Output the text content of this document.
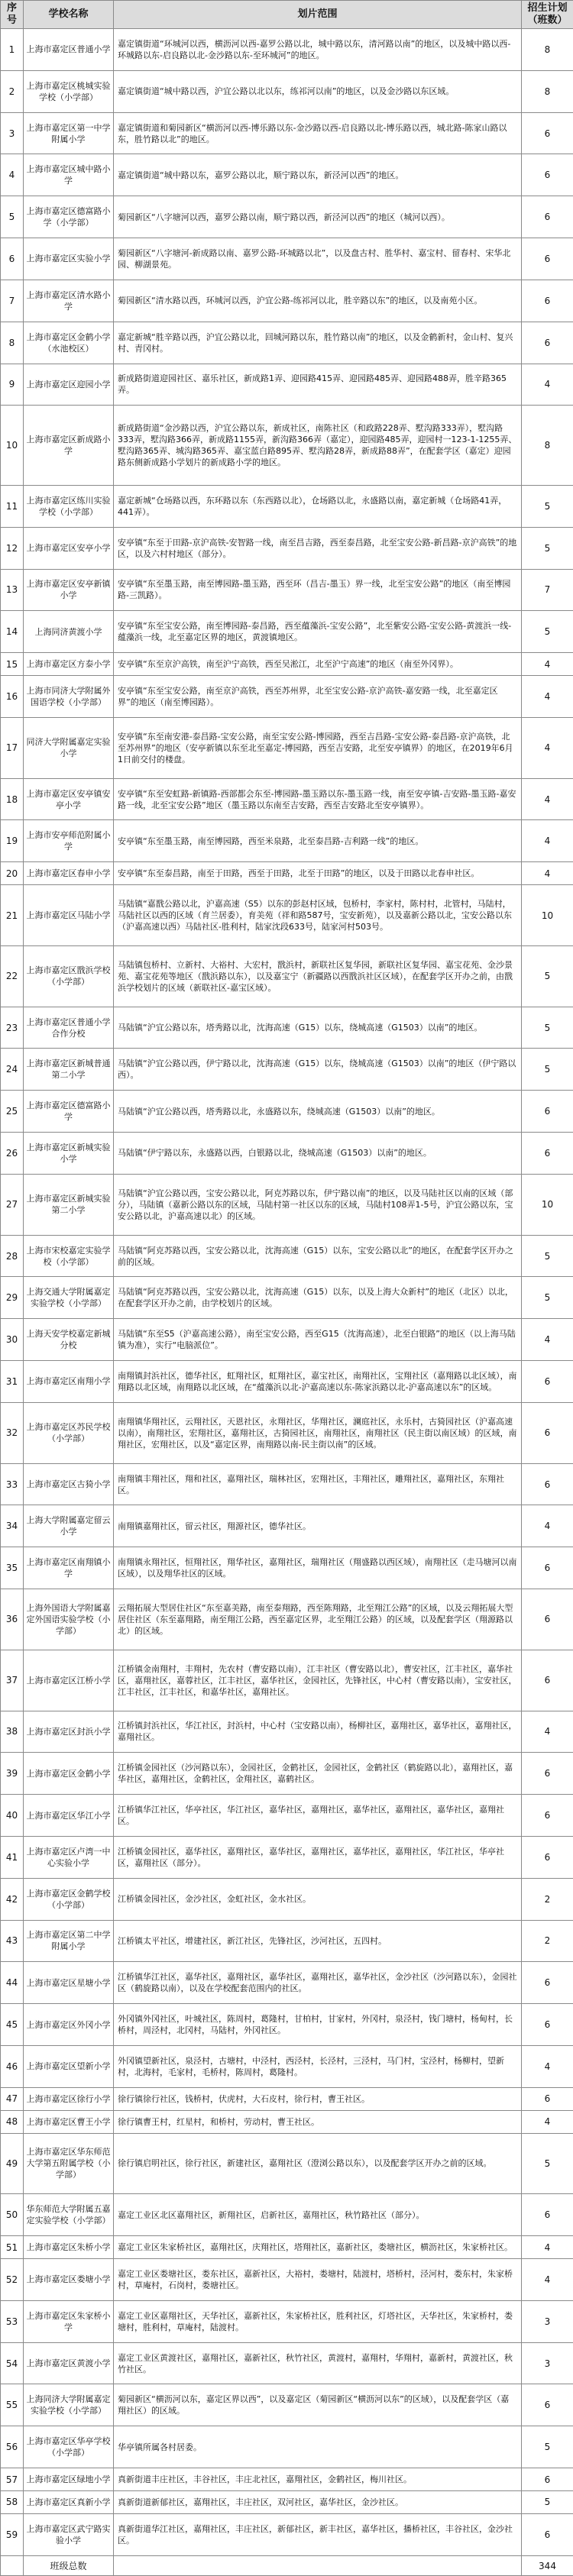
序号	学校名称	划片范围	招生计划（班数）
1	上海市嘉定区普通小学	嘉定镇街道“环城河以西，横沥河以西-嘉罗公路以北，城中路以东，清河路以南”的地区，以及城中路以西-环城路以东-启良路以北-金沙路以东-至环城河”的地区。	8
2	上海市嘉定区桃城实验学校（小学部）	嘉定镇街道“城中路以西，沪宜公路以北以东，练祁河以南”的地区，以及金沙路以东区域。	8
3	上海市嘉定区第一中学附属小学	嘉定镇街道和菊园新区“横沥河以西-博乐路以东-金沙路以西-启良路以北-博乐路以西，城北路-陈家山路以东，胜竹路以北”的地区。	6
4	上海市嘉定区城中路小学	嘉定镇街道“城中路以东，嘉罗公路以北，顺宁路以东，新泾河以西”的地区。	6
5	上海市嘉定区德富路小学（小学部）	菊园新区“八字塘河以西，嘉罗公路以南，顺宁路以西，新泾河以西”的地区（城河以西）。	6
6	上海市嘉定区实验小学	菊园新区“八字塘河-新成路以南、嘉罗公路-环城路以北”，以及盘古村、胜华村、嘉宝村、留春村、宋华北园、柳湖景苑。	6
7	上海市嘉定区清水路小学	菊园新区“清水路以西，环城河以西，沪宜公路-练祁河以北，胜辛路以东”的地区，以及南苑小区。	6
8	上海市嘉定区金鹤小学（水池校区）	嘉定新城“胜辛路以西，沪宜公路以北，回城河路以东，胜竹路以南”的地区，以及金鹤新村，金山村、复兴村、青冈村。	6
9	上海市嘉定区迎园小学	新成路街道迎园社区、嘉乐社区，新成路1弄、迎园路415弄、迎园路485弄、迎园路488弄，胜辛路365弄。	4
10	上海市嘉定区新成路小学	新成路街道“金沙路以西，沪宜公路以东，新成社区，南陈社区（和政路228弄、墅沟路333弄），墅沟路333弄，墅沟路366弄，新成路1155弄，新沟路366弄（嘉定），迎园路485弄，迎园村一123-1-1255弄、墅沟路365弄、城沟路365弄、嘉宝蓝白路895弄、墅沟路28弄，新成路88弄”，在配套学区（嘉定）迎园路东侧新成路小学划片的新成路小学的地区。	8
11	上海市嘉定区练川实验学校（小学部）	嘉定新城“仓场路以西，东环路以东（东西路以北），仓场路以北，永盛路以南，嘉定新城（仓场路41弄，441弄）。	5
12	上海市嘉定区安亭小学	安亭镇“东至于田路-京沪高铁-安智路一线，南至昌吉路，西至泰昌路，北至宝安公路-新昌路-京沪高铁”的地区，以及六村村地区（部分）。	5
13	上海市嘉定区安亭新镇小学	安亭镇“东至墨玉路，南至博园路-墨玉路，西至环（昌吉-墨玉）界一线，北至宝安公路”的地区（南至博园路-三凯路）。	7
14	上海同济黄渡小学	安亭镇“东至宝安公路，南至博园路-泰昌路，西至蕴藻浜-宝安公路”，北至紫安公路-宝安公路-黄渡浜一线-蕴藻浜一线，北至嘉定区界的地区，黄渡镇地区。	5
15	上海市嘉定区方泰小学	安亭镇“东至京沪高铁，南至沪宁高铁，西至吴淞江，北至沪宁高速”的地区（南至外冈界）。	4
16	上海市同济大学附属外国语学校（小学部）	安亭镇“东至宝安公路，南至京沪高铁，西至苏州界，北至宝安公路-京沪高铁-嘉安路一线，北至嘉定区界”的地区（南至博园路）。	4
17	同济大学附属嘉定实验小学	安亭镇“东至南安港-泰昌路-宝安公路，南至宝安公路-博园路，西至吉昌路-宝安公路-泰昌路-京沪高铁，北至苏州界”的地区（安亭新镇以东至北至嘉定-博园路，西至吉安路，北至安亭镇界）的地区，在2019年6月1日前交付的楼盘。	4
18	上海市嘉定区安亭镇安亭小学	安亭镇“东至安虹路-新镇路-西部都会东至-博园路-墨玉路以东-墨玉路一线，南至安亭镇-吉安路-墨玉路-嘉安路一线，北至宝安公路”地区（墨玉路以东南至吉安路，西至吉安路北至安亭镇界）。	4
19	上海市安亭师范附属小学	安亭镇“东至墨玉路，南至博园路，西至米泉路，北至泰昌路-吉利路一线”的地区。	4
20	上海市嘉定区春申小学	安亭镇“东至泰昌路，南至于田路，西至于田路，北至于田路”的地区，以及于田路以北春申社区。	4
21	上海市嘉定区马陆小学	马陆镇“嘉戬公路以北，沪嘉高速（S5）以东的彭赵村区域，包桥村，李家村，陈村村，北管村，马陆村，马陆社区以西的区域（育兰居委），育美苑（祥和路587号，宝安新苑），以及嘉新公路以北，宝安公路以东（沪嘉高速以西）马陆社区-胜利村，陆家沈段633号，陆家河村503号。	10
22	上海市嘉定区戬浜学校（小学部）	马陆镇包桥村、立新村、大裕村、大宏村，戬浜村，新联社区复华园，新联社区复华园、嘉宝花苑、金沙景苑、嘉宝花苑等地区（戬浜路以东），以及嘉宝宁（新疆路以西戬浜社区区域），在配套学区开办之前，由戬浜学校划片的区域（新联社区-嘉宝区域）。	5
23	上海市嘉定区普通小学合作分校	马陆镇“沪宜公路以东，塔秀路以北，沈海高速（G15）以东，绕城高速（G1503）以南”的地区。	5
24	上海市嘉定区新城普通第二小学	马陆镇“沪宜公路以西，伊宁路以北，沈海高速（G15）以东，绕城高速（G1503）以南”的地区（伊宁路以西）。	5
25	上海市嘉定区德富路小学	马陆镇“沪宜公路以西，塔秀路以北，永盛路以东，绕城高速（G1503）以南”的地区。	6
26	上海市嘉定区新城实验小学	马陆镇“伊宁路以东，永盛路以西，白银路以北，绕城高速（G1503）以南”的地区。	6
27	上海市嘉定区新城实验第二小学	马陆镇“沪宜公路以西，宝安公路以北，阿克苏路以东，伊宁路以南”的地区，以及马陆社区以南的区域（部分），马陆镇（嘉新公路以东的区域，马陆村第一社区以东的区域，马陆村108弄1-5号，沪宜公路以东，宝安公路以北，沪嘉高速以北）的区域。	10
28	上海市宋校嘉定实验学校（小学部）	马陆镇“阿克苏路以西，宝安公路以北，沈海高速（G15）以东，宝安公路以北”的地区，在配套学区开办之前的区域。	5
29	上海交通大学附属嘉定实验学校（小学部）	马陆镇“阿克苏路以西，宝安公路以北，沈海高速（G15）以东，以及上海大众新村”的地区（北区）以北，在配套学区开办之前，由学校划片的区域。	5
30	上海天安学校嘉定新城分校	马陆镇“东至S5（沪嘉高速公路），南至宝安公路，西至G15（沈海高速），北至白银路”的地区（以上海马陆镇为准），实行“电脑派位”。	4
31	上海市嘉定区南翔小学	南翔镇封浜社区，德华社区，虹翔社区，虹翔社区，嘉宝社区，南翔社区，宝翔社区（嘉翔路以北区域），南翔路以北区域，南翔路以北区域，在“蕴藻浜以北-沪嘉高速以东-陈家浜路以北-沪嘉高速以东”的区域。	6
32	上海市嘉定区苏民学校（小学部）	南翔镇华翔社区，云翔社区，天恩社区，永翔社区，华翔社区，澜庭社区，永乐村，古猗园社区（沪嘉高速以南），南翔社区，宏翔社区，嘉翔社区，古猗园社区，南翔社区，南翔社区（民主街以南区域）的区域，南翔社区，宏翔社区，以及“嘉定区界，南翔路以南-民主街以南”的区域。	6
33	上海市嘉定区古猗小学	南翔镇丰翔社区，翔和社区，嘉翔社区，瑞林社区，宏翔社区，丰翔社区，雕翔社区，嘉翔社区，东翔社区。	6
34	上海大学附属嘉定留云小学	南翔镇嘉翔社区，留云社区，翔源社区，德华社区。	4
35	上海市嘉定区南翔镇小学	南翔镇永翔社区，恒翔社区，翔华社区，嘉翔社区，瑞翔社区（翔盛路以西区域），南翔社区（走马塘河以南区域），以及翔华社区的区域。	6
36	上海外国语大学附属嘉定外国语实验学校（小学部）	云翔拓展大型居住社区“东至嘉美路，南至泰翔路，西至陈翔路，北至翔江公路”的区域，以及云翔拓展大型居住社区（东至嘉翔路，南至翔江公路，西至嘉定区界，北至翔江公路）的区域，以及配套学区（翔源路以北）的区域。	6
37	上海市嘉定区江桥小学	江桥镇金南翔村，丰翔村，先农村（曹安路以南），江丰社区（曹安路以北），曹安社区，江丰社区，嘉华社区，嘉翔社区，嘉蓉社区，江丰社区，嘉华社区，金园社区，先锋社区，中心村（曹安路以南），宝安社区，江丰社区，江丰社区，和嘉华社区，嘉翔社区。	6
38	上海市嘉定区封浜小学	江桥镇封浜社区，华江社区，封浜村，中心村（宝安路以南），杨柳社区，嘉翔社区，嘉华社区，嘉翔社区，嘉翔社区。	4
39	上海市嘉定区金鹤小学	江桥镇金园社区（沙河路以东），金园社区，金鹤社区，金园社区，金鹤社区（鹤旋路以北），嘉翔社区，嘉华社区，嘉翔社区，金鹤社区，金翔社区，嘉鹤社区。	6
40	上海市嘉定区华江小学	江桥镇华江社区，华亭社区，华江社区，嘉华社区，嘉翔社区，嘉华社区，嘉翔社区，嘉华社区，嘉翔社区。	6
41	上海市嘉定区卢湾一中心实验小学	江桥镇金园社区，嘉华社区，嘉翔社区，嘉华社区，嘉翔社区，嘉华社区，嘉翔社区，华江社区，华亭社区，嘉翔社区（部分）。	6
42	上海市嘉定区金鹤学校（小学部）	江桥镇金园社区，金沙社区，金虹社区，金水社区。	2
43	上海市嘉定区第二中学附属小学	江桥镇太平社区，增建社区，新江社区，先锋社区，沙河社区，五四村。	2
44	上海市嘉定区星塘小学	江桥镇华江社区，嘉华社区，嘉翔社区，嘉华社区，嘉翔社区，嘉华社区，金沙社区（沙河路以东），金园社区（鹤旋路以南），以及在学校配套范围内的社区。	6
45	上海市嘉定区外冈小学	外冈镇外冈社区，叶城社区，陈周村，葛隆村，甘柏村，甘家村，外冈村，泉泾村，钱门塘村，杨甸村，长桥村，周泾村，北冈村，马陆村，外冈社区。	6
46	上海市嘉定区望新小学	外冈镇望新社区，泉泾村，古塘村，中泾村，西泾村，长泾村，三泾村，马门村，宝泾村，杨柳村，望新村，北海村，毛家村，毛桥村，陈周村，葛隆村。	4
47	上海市嘉定区徐行小学	徐行镇徐行社区，钱桥村，伏虎村，大石皮村，徐行村，曹王社区。	6
48	上海市嘉定区曹王小学	徐行镇曹王村，红星村，和桥村，劳动村，曹王社区。	4
49	上海市嘉定区华东师范大学第五附属学校（小学部）	徐行镇启明社区，徐行社区，新建社区，嘉翔社区（澄浏公路以东），以及配套学区开办之前的区域。	5
50	华东师范大学附属五嘉定实验学校（小学部）	嘉定工业区北区嘉翔社区，新翔社区，启新社区，嘉翔社区，秋竹路社区（部分）。	6
51	上海市嘉定区朱桥小学	嘉定工业区朱家桥社区，嘉翔社区，庆翔社区，塔翔社区，嘉新社区，娄塘社区，横沥社区，朱家桥社区。	4
52	上海市嘉定区娄塘小学	嘉定工业区娄塘社区，娄东社区，嘉新社区，大裕村，娄塘村，陆渡村，塔桥村，泾河村，娄东村，朱家桥村，草庵村，石岗村，娄塘社区。	4
53	上海市嘉定区朱家桥小学	嘉定工业区嘉翔社区，天华社区，嘉新社区，朱家桥社区，胜利社区，灯塔社区，天华社区，朱家桥村，娄塘村，胜利村，草庵村，陆渡村。	3
54	上海市嘉定区黄渡小学	嘉定工业区黄渡社区，嘉翔社区，嘉新社区，秋竹社区，黄渡村，嘉翔村，华翔村，嘉新村，黄渡社区，秋竹社区。	3
55	上海同济大学附属嘉定实验学校（小学部）	菊园新区“横沥河以东，嘉定区界以西”，以及嘉定区（菊园新区“横沥河以东”的区域），以及配套学区（嘉翔社区）的区域。	6
56	上海市嘉定区华亭学校（小学部）	华亭镇所属各村居委。	5
57	上海市嘉定区绿地小学	真新街道丰庄社区，丰谷社区，丰庄北社区，嘉翔社区，金鹤社区，梅川社区。	6
58	上海市嘉定区真新小学	真新街道新郁社区，嘉翔社区，丰庄社区，双河社区，嘉华社区，金沙社区。	5
59	上海市嘉定区武宁路实验小学	真新街道华江社区，嘉翔社区，丰庄社区，新郁社区，新丰社区，嘉华社区，播桥社区，丰谷社区，金沙社区。	6
	班级总数		344
